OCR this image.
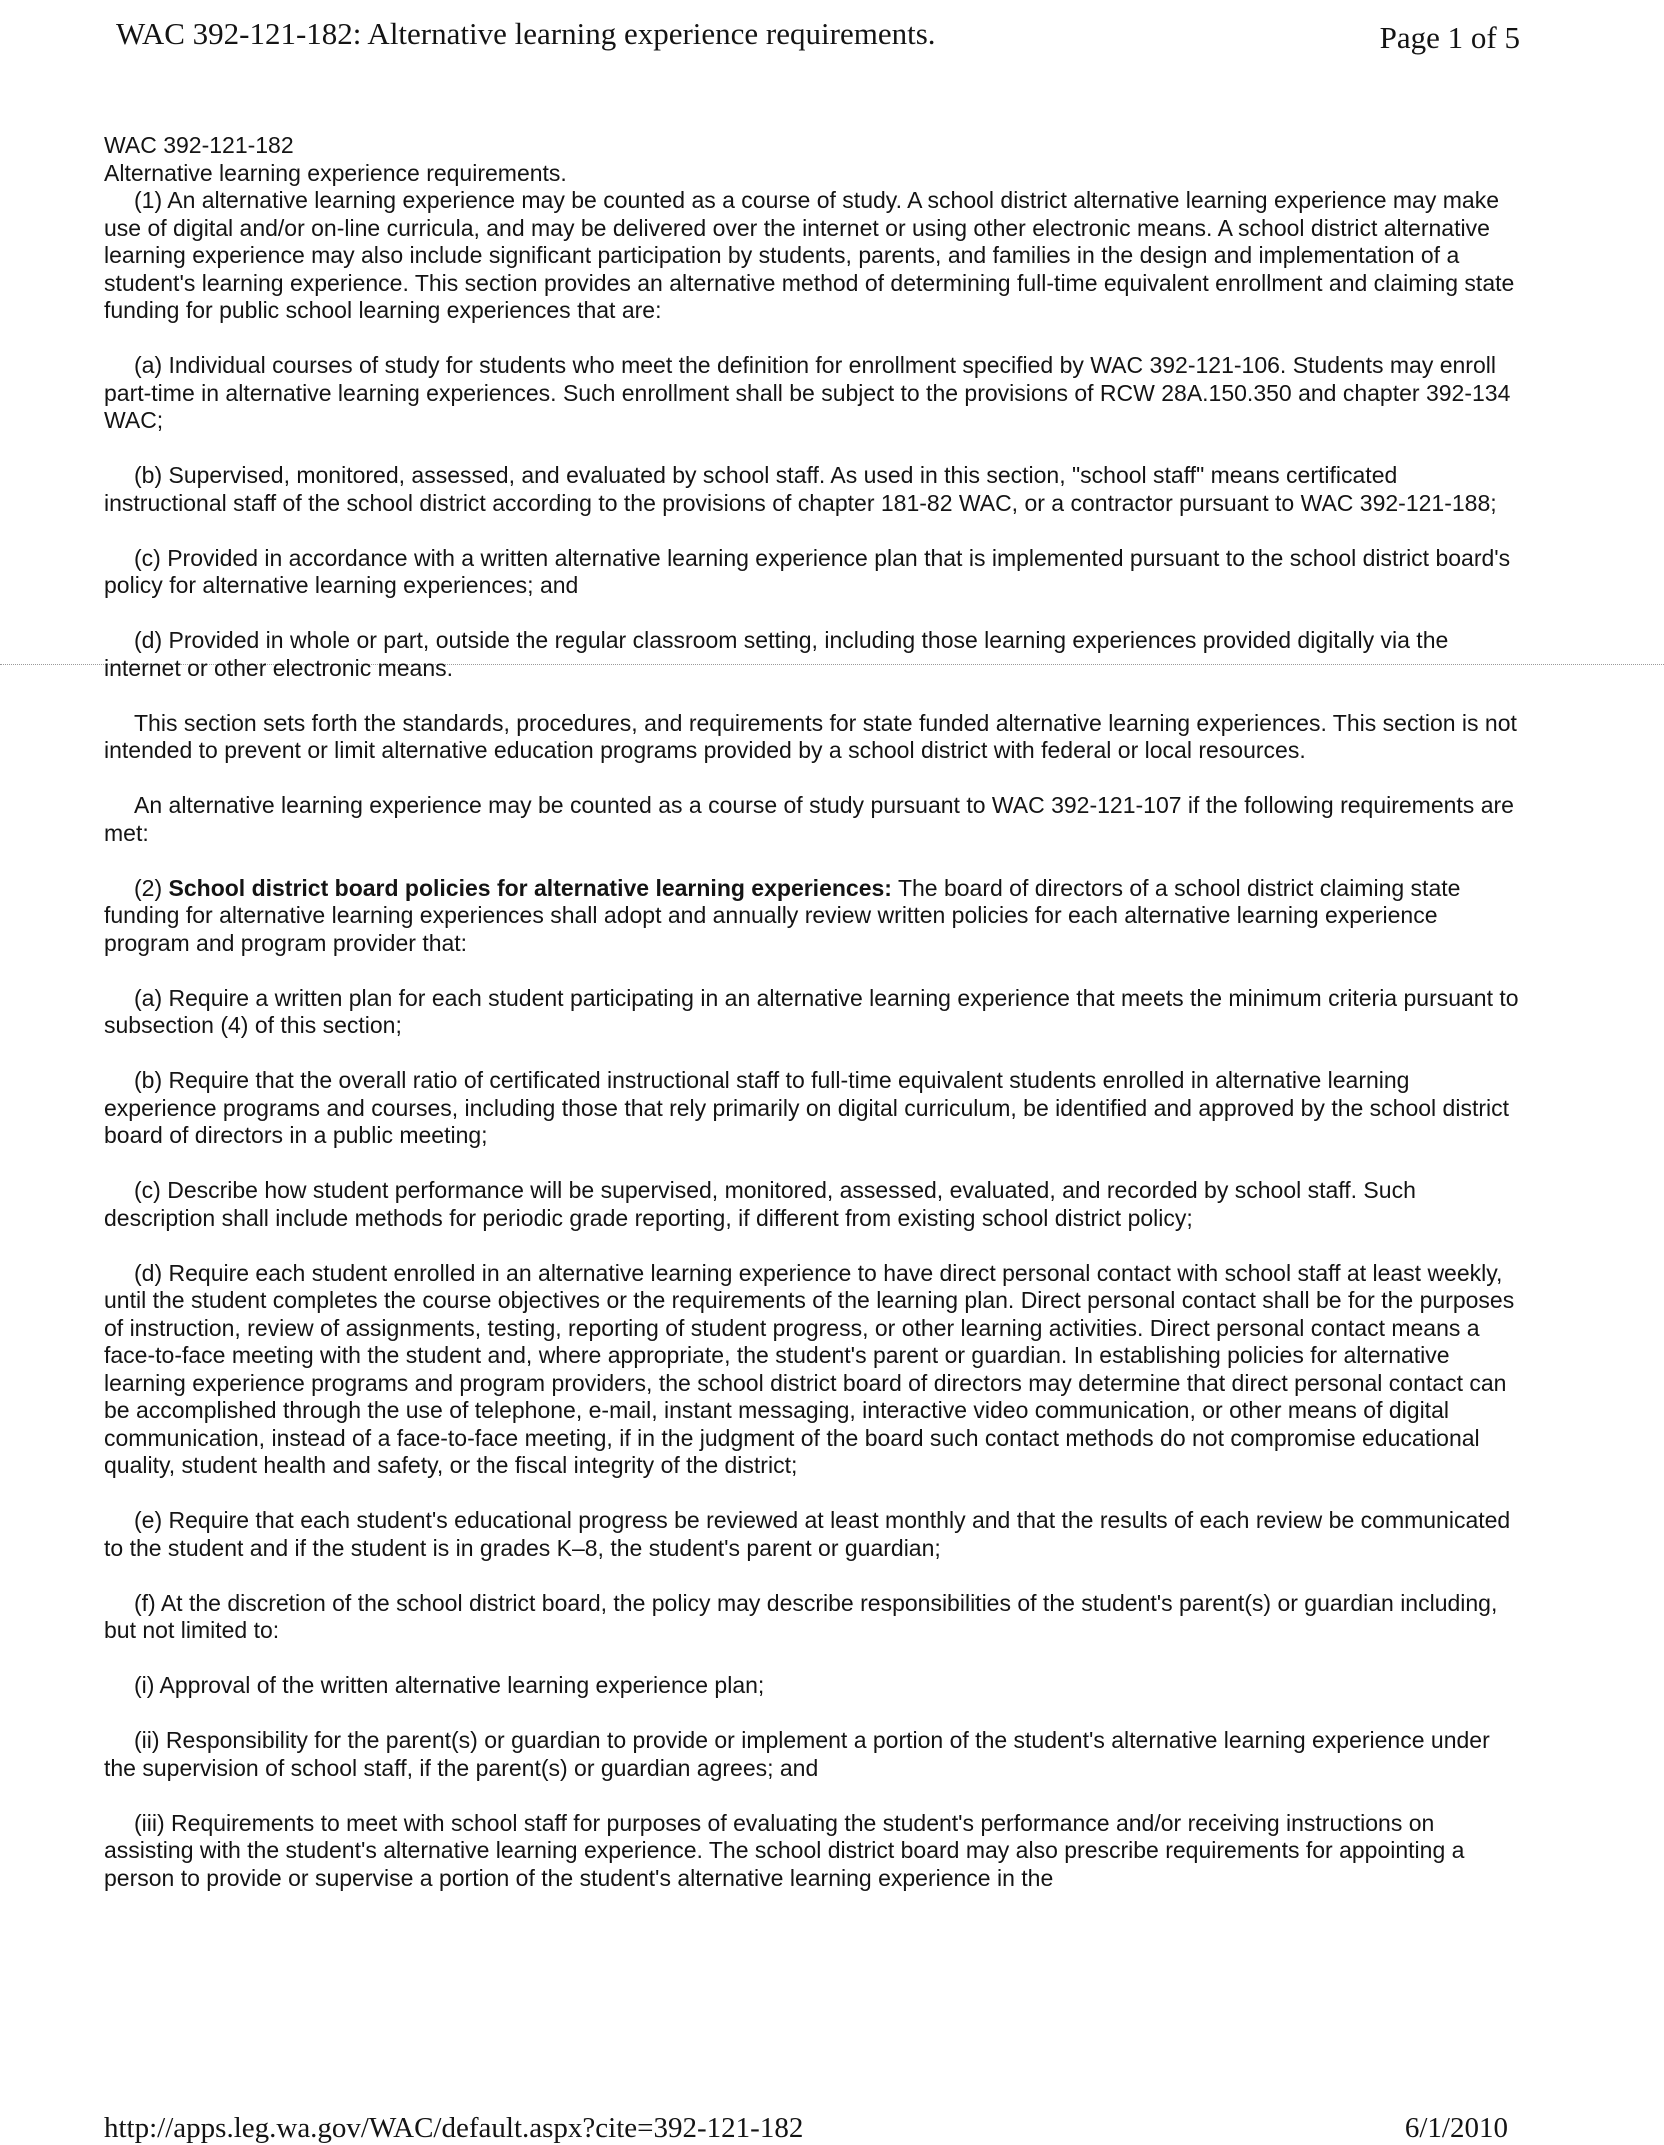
WAC 392-121-182: Alternative learning experience requirements.	Page 1 of 5

WAC 392-121-182

Alternative learning experience requirements.

(1) An alternative learning experience may be counted as a course of study. A school district alternative learning experience may make use of digital and/or on-line curricula, and may be delivered over the internet or using other electronic means. A school district alternative learning experience may also include significant participation by students, parents, and families in the design and implementation of a student's learning experience. This section provides an alternative method of determining full-time equivalent enrollment and claiming state funding for public school learning experiences that are:

(a) Individual courses of study for students who meet the definition for enrollment specified by WAC 392-121-106. Students may enroll part-time in alternative learning experiences. Such enrollment shall be subject to the provisions of RCW 28A.150.350 and chapter 392-134 WAC;

(b) Supervised, monitored, assessed, and evaluated by school staff. As used in this section, "school staff" means certificated instructional staff of the school district according to the provisions of chapter 181-82 WAC, or a contractor pursuant to WAC 392-121-188;

(c) Provided in accordance with a written alternative learning experience plan that is implemented pursuant to the school district board's policy for alternative learning experiences; and

(d) Provided in whole or part, outside the regular classroom setting, including those learning experiences provided digitally via the internet or other electronic means.

This section sets forth the standards, procedures, and requirements for state funded alternative learning experiences. This section is not intended to prevent or limit alternative education programs provided by a school district with federal or local resources.

An alternative learning experience may be counted as a course of study pursuant to WAC 392-121-107 if the following requirements are met:

(2) School district board policies for alternative learning experiences: The board of directors of a school district claiming state funding for alternative learning experiences shall adopt and annually review written policies for each alternative learning experience program and program provider that:

(a) Require a written plan for each student participating in an alternative learning experience that meets the minimum criteria pursuant to subsection (4) of this section;

(b) Require that the overall ratio of certificated instructional staff to full-time equivalent students enrolled in alternative learning experience programs and courses, including those that rely primarily on digital curriculum, be identified and approved by the school district board of directors in a public meeting;

(c) Describe how student performance will be supervised, monitored, assessed, evaluated, and recorded by school staff. Such description shall include methods for periodic grade reporting, if different from existing school district policy;

(d) Require each student enrolled in an alternative learning experience to have direct personal contact with school staff at least weekly, until the student completes the course objectives or the requirements of the learning plan. Direct personal contact shall be for the purposes of instruction, review of assignments, testing, reporting of student progress, or other learning activities. Direct personal contact means a face-to-face meeting with the student and, where appropriate, the student's parent or guardian. In establishing policies for alternative learning experience programs and program providers, the school district board of directors may determine that direct personal contact can be accomplished through the use of telephone, e-mail, instant messaging, interactive video communication, or other means of digital communication, instead of a face-to-face meeting, if in the judgment of the board such contact methods do not compromise educational quality, student health and safety, or the fiscal integrity of the district;

(e) Require that each student's educational progress be reviewed at least monthly and that the results of each review be communicated to the student and if the student is in grades K–8, the student's parent or guardian;

(f) At the discretion of the school district board, the policy may describe responsibilities of the student's parent(s) or guardian including, but not limited to:

(i) Approval of the written alternative learning experience plan;

(ii) Responsibility for the parent(s) or guardian to provide or implement a portion of the student's alternative learning experience under the supervision of school staff, if the parent(s) or guardian agrees; and

(iii) Requirements to meet with school staff for purposes of evaluating the student's performance and/or receiving instructions on assisting with the student's alternative learning experience. The school district board may also prescribe requirements for appointing a person to provide or supervise a portion of the student's alternative learning experience in the

http://apps.leg.wa.gov/WAC/default.aspx?cite=392-121-182	6/1/2010
